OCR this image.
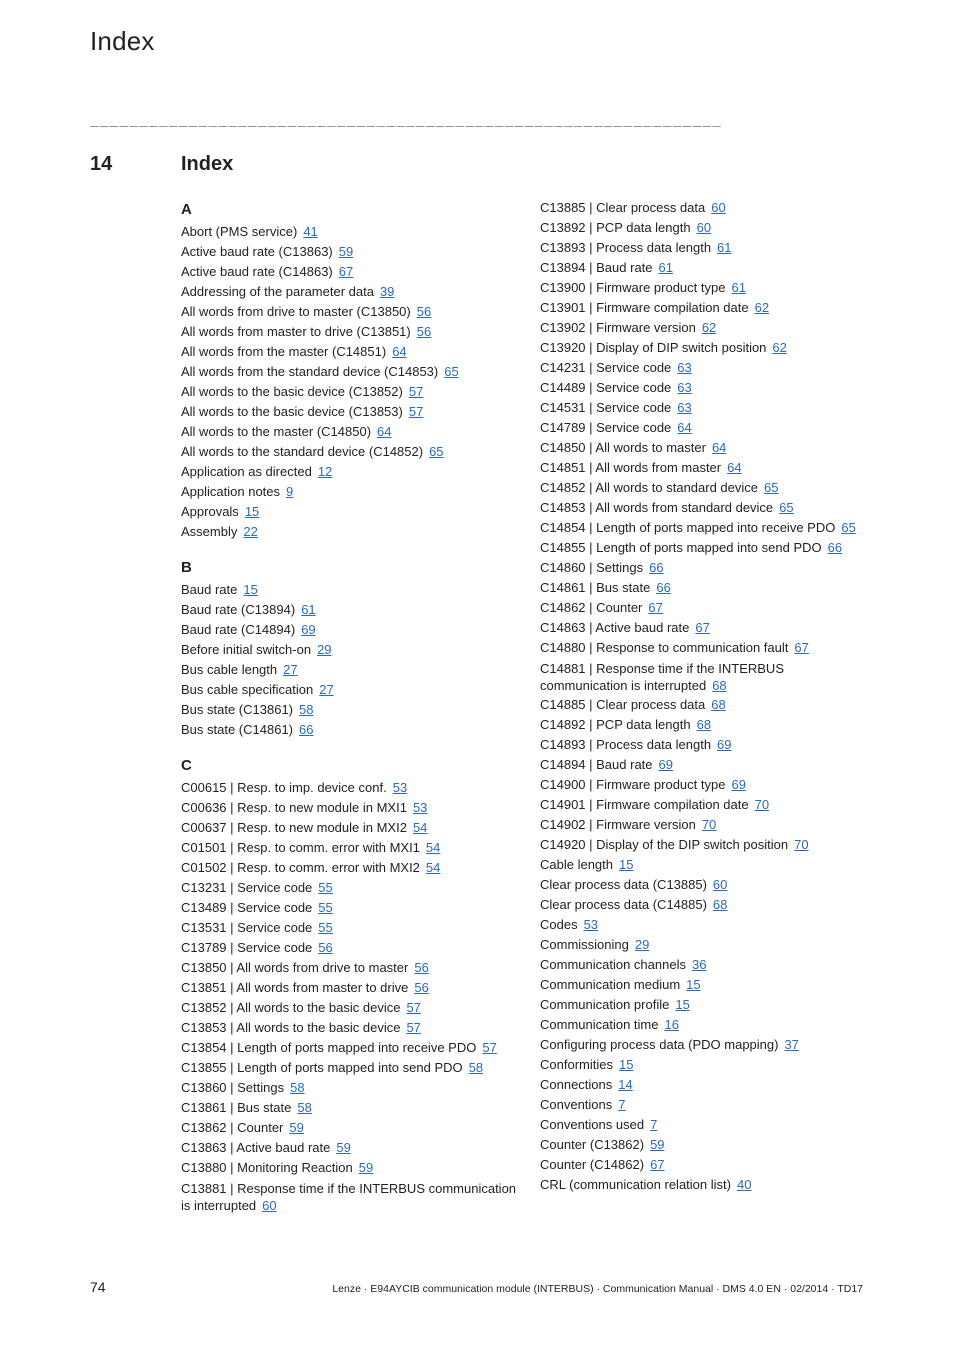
Index
________________________________________________________________
14	Index
A
Abort (PMS service) 41
Active baud rate (C13863) 59
Active baud rate (C14863) 67
Addressing of the parameter data 39
All words from drive to master (C13850) 56
All words from master to drive (C13851) 56
All words from the master (C14851) 64
All words from the standard device (C14853) 65
All words to the basic device (C13852) 57
All words to the basic device (C13853) 57
All words to the master (C14850) 64
All words to the standard device (C14852) 65
Application as directed 12
Application notes 9
Approvals 15
Assembly 22
B
Baud rate 15
Baud rate (C13894) 61
Baud rate (C14894) 69
Before initial switch-on 29
Bus cable length 27
Bus cable specification 27
Bus state (C13861) 58
Bus state (C14861) 66
C
C00615 | Resp. to imp. device conf. 53
C00636 | Resp. to new module in MXI1 53
C00637 | Resp. to new module in MXI2 54
C01501 | Resp. to comm. error with MXI1 54
C01502 | Resp. to comm. error with MXI2 54
C13231 | Service code 55
C13489 | Service code 55
C13531 | Service code 55
C13789 | Service code 56
C13850 | All words from drive to master 56
C13851 | All words from master to drive 56
C13852 | All words to the basic device 57
C13853 | All words to the basic device 57
C13854 | Length of ports mapped into receive PDO 57
C13855 | Length of ports mapped into send PDO 58
C13860 | Settings 58
C13861 | Bus state 58
C13862 | Counter 59
C13863 | Active baud rate 59
C13880 | Monitoring Reaction 59
C13881 | Response time if the INTERBUS communication is interrupted 60
C13885 | Clear process data 60
C13892 | PCP data length 60
C13893 | Process data length 61
C13894 | Baud rate 61
C13900 | Firmware product type 61
C13901 | Firmware compilation date 62
C13902 | Firmware version 62
C13920 | Display of DIP switch position 62
C14231 | Service code 63
C14489 | Service code 63
C14531 | Service code 63
C14789 | Service code 64
C14850 | All words to master 64
C14851 | All words from master 64
C14852 | All words to standard device 65
C14853 | All words from standard device 65
C14854 | Length of ports mapped into receive PDO 65
C14855 | Length of ports mapped into send PDO 66
C14860 | Settings 66
C14861 | Bus state 66
C14862 | Counter 67
C14863 | Active baud rate 67
C14880 | Response to communication fault 67
C14881 | Response time if the INTERBUS communication is interrupted 68
C14885 | Clear process data 68
C14892 | PCP data length 68
C14893 | Process data length 69
C14894 | Baud rate 69
C14900 | Firmware product type 69
C14901 | Firmware compilation date 70
C14902 | Firmware version 70
C14920 | Display of the DIP switch position 70
Cable length 15
Clear process data (C13885) 60
Clear process data (C14885) 68
Codes 53
Commissioning 29
Communication channels 36
Communication medium 15
Communication profile 15
Communication time 16
Configuring process data (PDO mapping) 37
Conformities 15
Connections 14
Conventions 7
Conventions used 7
Counter (C13862) 59
Counter (C14862) 67
CRL (communication relation list) 40
74	Lenze · E94AYCIB communication module (INTERBUS) · Communication Manual · DMS 4.0 EN · 02/2014 · TD17
